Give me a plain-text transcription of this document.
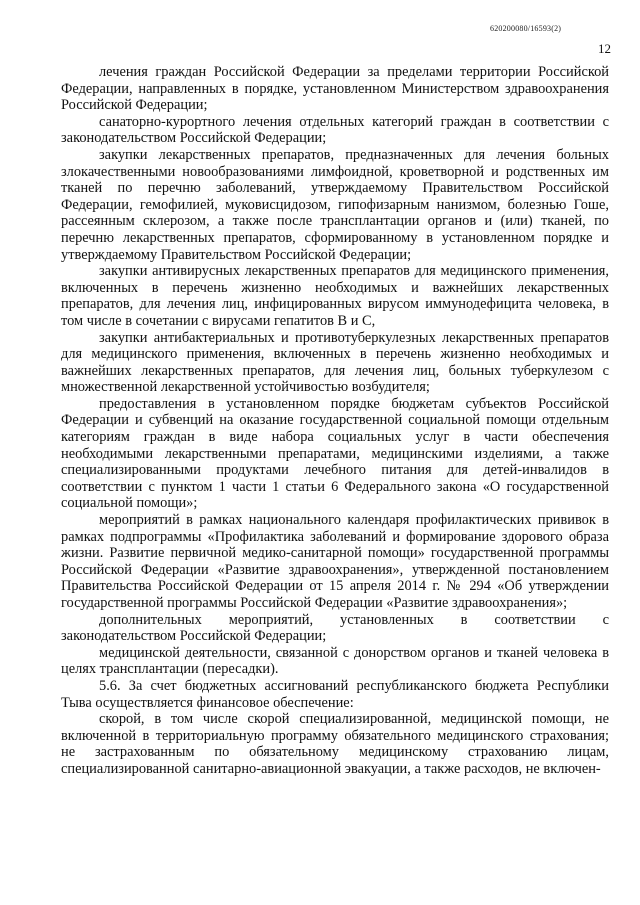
620200080/16593(2)
12

лечения граждан Российской Федерации за пределами территории Российской Федерации, направленных в порядке, установленном Министерством здравоохранения Российской Федерации;

санаторно-курортного лечения отдельных категорий граждан в соответствии с законодательством Российской Федерации;

закупки лекарственных препаратов, предназначенных для лечения больных злокачественными новообразованиями лимфоидной, кроветворной и родственных им тканей по перечню заболеваний, утверждаемому Правительством Российской Федерации, гемофилией, муковисцидозом, гипофизарным нанизмом, болезнью Гоше, рассеянным склерозом, а также после трансплантации органов и (или) тканей, по перечню лекарственных препаратов, сформированному в установленном порядке и утверждаемому Правительством Российской Федерации;

закупки антивирусных лекарственных препаратов для медицинского применения, включенных в перечень жизненно необходимых и важнейших лекарственных препаратов, для лечения лиц, инфицированных вирусом иммунодефицита человека, в том числе в сочетании с вирусами гепатитов В и С,

закупки антибактериальных и противотуберкулезных лекарственных препаратов для медицинского применения, включенных в перечень жизненно необходимых и важнейших лекарственных препаратов, для лечения лиц, больных туберкулезом с множественной лекарственной устойчивостью возбудителя;

предоставления в установленном порядке бюджетам субъектов Российской Федерации и субвенций на оказание государственной социальной помощи отдельным категориям граждан в виде набора социальных услуг в части обеспечения необходимыми лекарственными препаратами, медицинскими изделиями, а также специализированными продуктами лечебного питания для детей-инвалидов в соответствии с пунктом 1 части 1 статьи 6 Федерального закона «О государственной социальной помощи»;

мероприятий в рамках национального календаря профилактических прививок в рамках подпрограммы «Профилактика заболеваний и формирование здорового образа жизни. Развитие первичной медико-санитарной помощи» государственной программы Российской Федерации «Развитие здравоохранения», утвержденной постановлением Правительства Российской Федерации от 15 апреля 2014 г. № 294 «Об утверждении государственной программы Российской Федерации «Развитие здравоохранения»;

дополнительных мероприятий, установленных в соответствии с законодательством Российской Федерации;

медицинской деятельности, связанной с донорством органов и тканей человека в целях трансплантации (пересадки).

5.6. За счет бюджетных ассигнований республиканского бюджета Республики Тыва осуществляется финансовое обеспечение:

скорой, в том числе скорой специализированной, медицинской помощи, не включенной в территориальную программу обязательного медицинского страхования; не застрахованным по обязательному медицинскому страхованию лицам, специализированной санитарно-авиационной эвакуации, а также расходов, не включен-
